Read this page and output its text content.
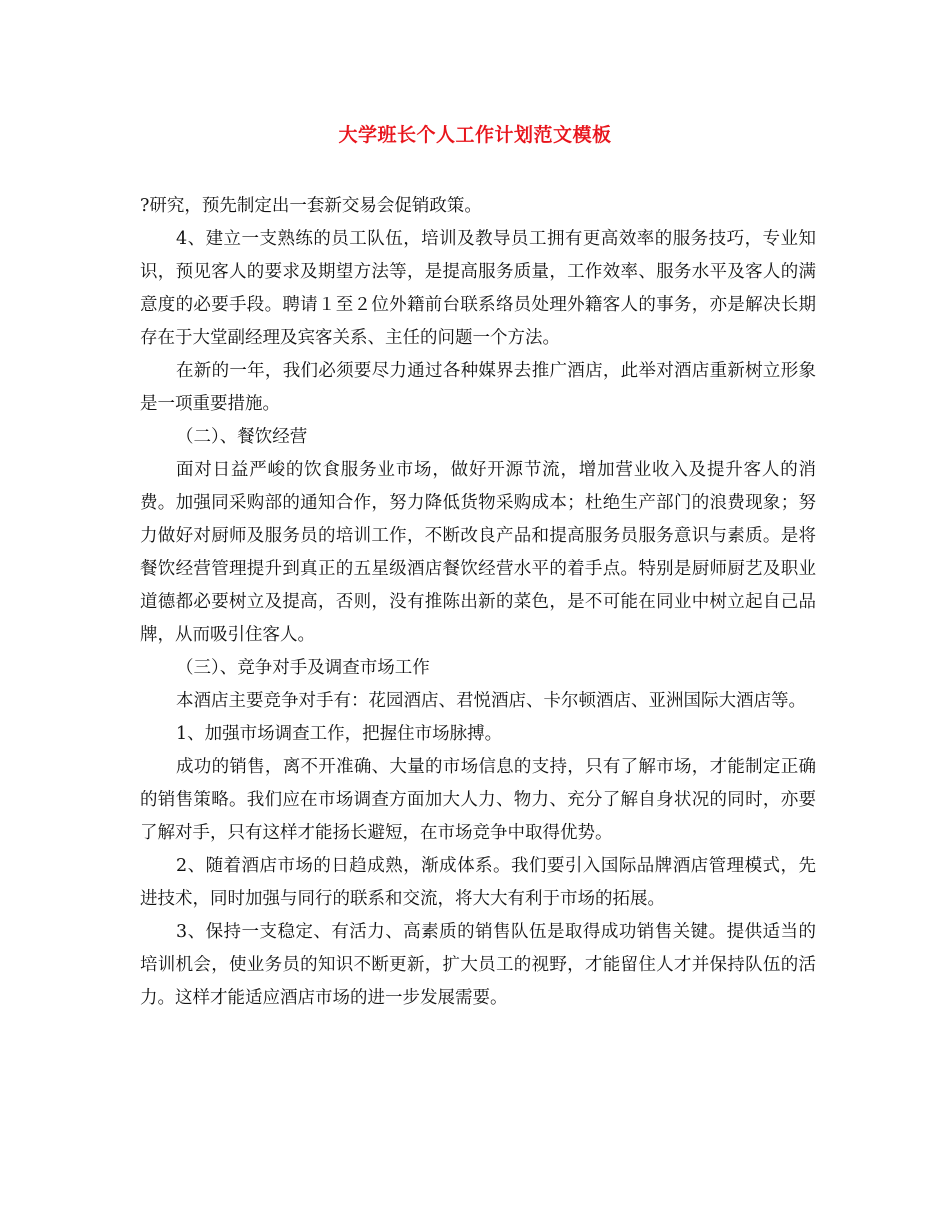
大学班长个人工作计划范文模板

?研究，预先制定出一套新交易会促销政策。

4、建立一支熟练的员工队伍，培训及教导员工拥有更高效率的服务技巧，专业知识，预见客人的要求及期望方法等，是提高服务质量，工作效率、服务水平及客人的满意度的必要手段。聘请１至２位外籍前台联系络员处理外籍客人的事务，亦是解决长期存在于大堂副经理及宾客关系、主任的问题一个方法。

在新的一年，我们必须要尽力通过各种媒界去推广酒店，此举对酒店重新树立形象是一项重要措施。

（二）、餐饮经营

面对日益严峻的饮食服务业市场，做好开源节流，增加营业收入及提升客人的消费。加强同采购部的通知合作，努力降低货物采购成本；杜绝生产部门的浪费现象；努力做好对厨师及服务员的培训工作，不断改良产品和提高服务员服务意识与素质。是将餐饮经营管理提升到真正的五星级酒店餐饮经营水平的着手点。特别是厨师厨艺及职业道德都必要树立及提高，否则，没有推陈出新的菜色，是不可能在同业中树立起自己品牌，从而吸引住客人。

（三）、竞争对手及调查市场工作

本酒店主要竞争对手有：花园酒店、君悦酒店、卡尔顿酒店、亚洲国际大酒店等。

1、加强市场调查工作，把握住市场脉搏。

成功的销售，离不开准确、大量的市场信息的支持，只有了解市场，才能制定正确的销售策略。我们应在市场调查方面加大人力、物力、充分了解自身状况的同时，亦要了解对手，只有这样才能扬长避短，在市场竞争中取得优势。

2、随着酒店市场的日趋成熟，渐成体系。我们要引入国际品牌酒店管理模式，先进技术，同时加强与同行的联系和交流，将大大有利于市场的拓展。

3、保持一支稳定、有活力、高素质的销售队伍是取得成功销售关键。提供适当的培训机会，使业务员的知识不断更新，扩大员工的视野，才能留住人才并保持队伍的活力。这样才能适应酒店市场的进一步发展需要。
